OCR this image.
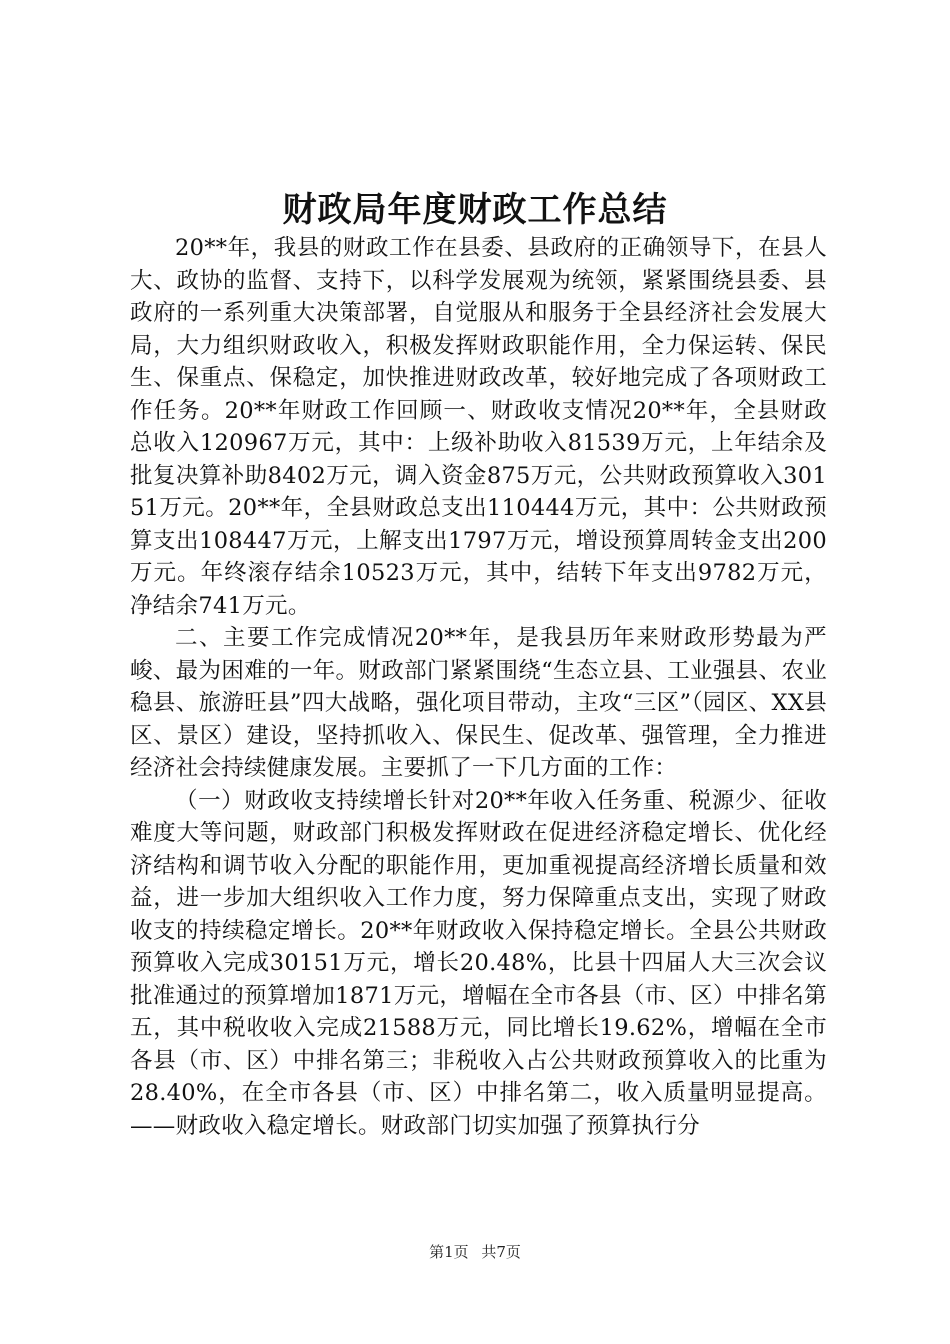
财政局年度财政工作总结

20**年，我县的财政工作在县委、县政府的正确领导下，在县人大、政协的监督、支持下，以科学发展观为统领，紧紧围绕县委、县政府的一系列重大决策部署，自觉服从和服务于全县经济社会发展大局，大力组织财政收入，积极发挥财政职能作用，全力保运转、保民生、保重点、保稳定，加快推进财政改革，较好地完成了各项财政工作任务。20**年财政工作回顾一、财政收支情况20**年，全县财政总收入120967万元，其中：上级补助收入81539万元，上年结余及批复决算补助8402万元，调入资金875万元，公共财政预算收入30151万元。20**年，全县财政总支出110444万元，其中：公共财政预算支出108447万元，上解支出1797万元，增设预算周转金支出200万元。年终滚存结余10523万元，其中，结转下年支出9782万元，净结余741万元。

二、主要工作完成情况20**年，是我县历年来财政形势最为严峻、最为困难的一年。财政部门紧紧围绕“生态立县、工业强县、农业稳县、旅游旺县”四大战略，强化项目带动，主攻“三区”（园区、XX县区、景区）建设，坚持抓收入、保民生、促改革、强管理，全力推进经济社会持续健康发展。主要抓了一下几方面的工作：

（一）财政收支持续增长针对20**年收入任务重、税源少、征收难度大等问题，财政部门积极发挥财政在促进经济稳定增长、优化经济结构和调节收入分配的职能作用，更加重视提高经济增长质量和效益，进一步加大组织收入工作力度，努力保障重点支出，实现了财政收支的持续稳定增长。20**年财政收入保持稳定增长。全县公共财政预算收入完成30151万元，增长20.48%，比县十四届人大三次会议批准通过的预算增加1871万元，增幅在全市各县（市、区）中排名第五，其中税收收入完成21588万元，同比增长19.62%，增幅在全市各县（市、区）中排名第三；非税收入占公共财政预算收入的比重为28.40%，在全市各县（市、区）中排名第二，收入质量明显提高。——财政收入稳定增长。财政部门切实加强了预算执行分

第1页 共7页
